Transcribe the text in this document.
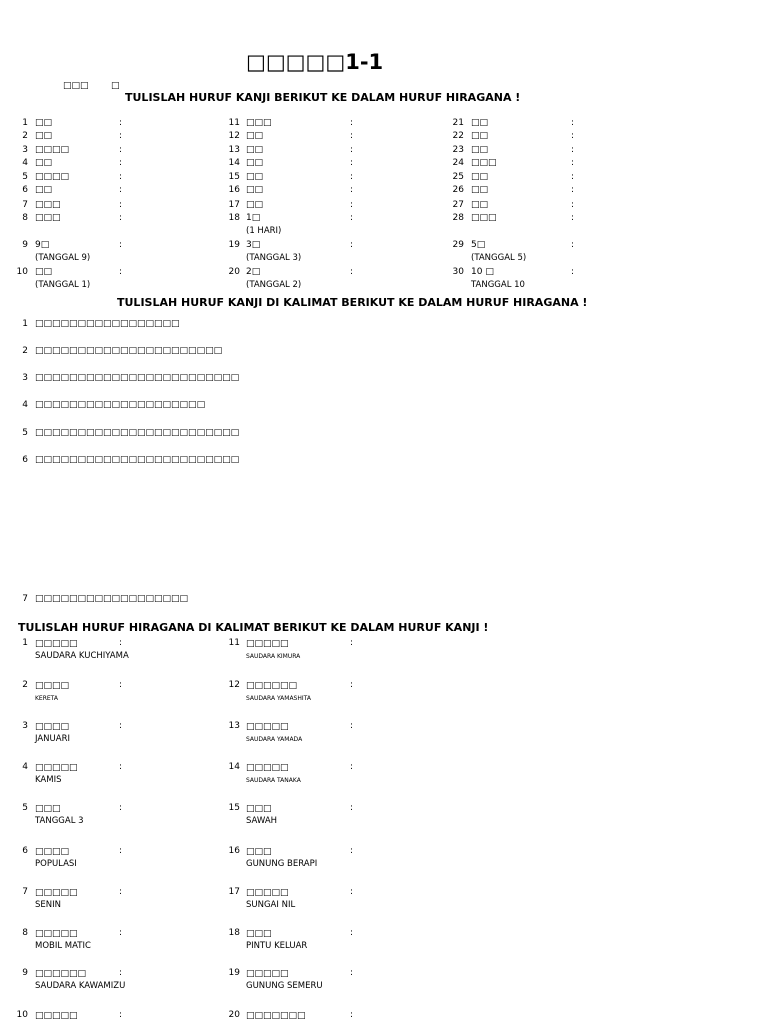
□□□□□1-1
□□□ □
TULISLAH HURUF KANJI BERIKUT KE DALAM HURUF HIRAGANA !
1 □□	:
2 □□	:
3 □□□□	:
4 □□	:
5 □□□□	:
6 □□	:
7 □□□	:
8 □□□	:
9 9□	:
(TANGGAL 9)
10 □□	:
(TANGGAL 1)
11 □□□	:
12 □□	:
13 □□	:
14 □□	:
15 □□	:
16 □□	:
17 □□	:
18 1□	:
(1 HARI)
19 3□	:
(TANGGAL 3)
20 2□	:
(TANGGAL 2)
21 □□	:
22 □□	:
23 □□	:
24 □□□	:
25 □□	:
26 □□	:
27 □□	:
28 □□□	:
29 5□	:
(TANGGAL 5)
30 10 □	:
TANGGAL 10
TULISLAH HURUF KANJI DI KALIMAT BERIKUT KE DALAM HURUF HIRAGANA !
1 □□□□□□□□□□□□□□□□□
2 □□□□□□□□□□□□□□□□□□□□□□
3 □□□□□□□□□□□□□□□□□□□□□□□□
4 □□□□□□□□□□□□□□□□□□□□
5 □□□□□□□□□□□□□□□□□□□□□□□□
6 □□□□□□□□□□□□□□□□□□□□□□□□
7 □□□□□□□□□□□□□□□□□□
TULISLAH HURUF HIRAGANA DI KALIMAT BERIKUT KE DALAM HURUF KANJI !
1 □□□□□	:
SAUDARA KUCHIYAMA
2 □□□□	:
KERETA
3 □□□□	:
JANUARI
4 □□□□□	:
KAMIS
5 □□□	:
TANGGAL 3
6 □□□□	:
POPULASI
7 □□□□□	:
SENIN
8 □□□□□	:
MOBIL MATIC
9 □□□□□□	:
SAUDARA KAWAMIZU
10 □□□□□	:
11 □□□□□	:
SAUDARA KIMURA
12 □□□□□□	:
SAUDARA YAMASHITA
13 □□□□□	:
SAUDARA YAMADA
14 □□□□□	:
SAUDARA TANAKA
15 □□□	:
SAWAH
16 □□□	:
GUNUNG BERAPI
17 □□□□□	:
SUNGAI NIL
18 □□□	:
PINTU KELUAR
19 □□□□□	:
GUNUNG SEMERU
20 □□□□□□□	:
